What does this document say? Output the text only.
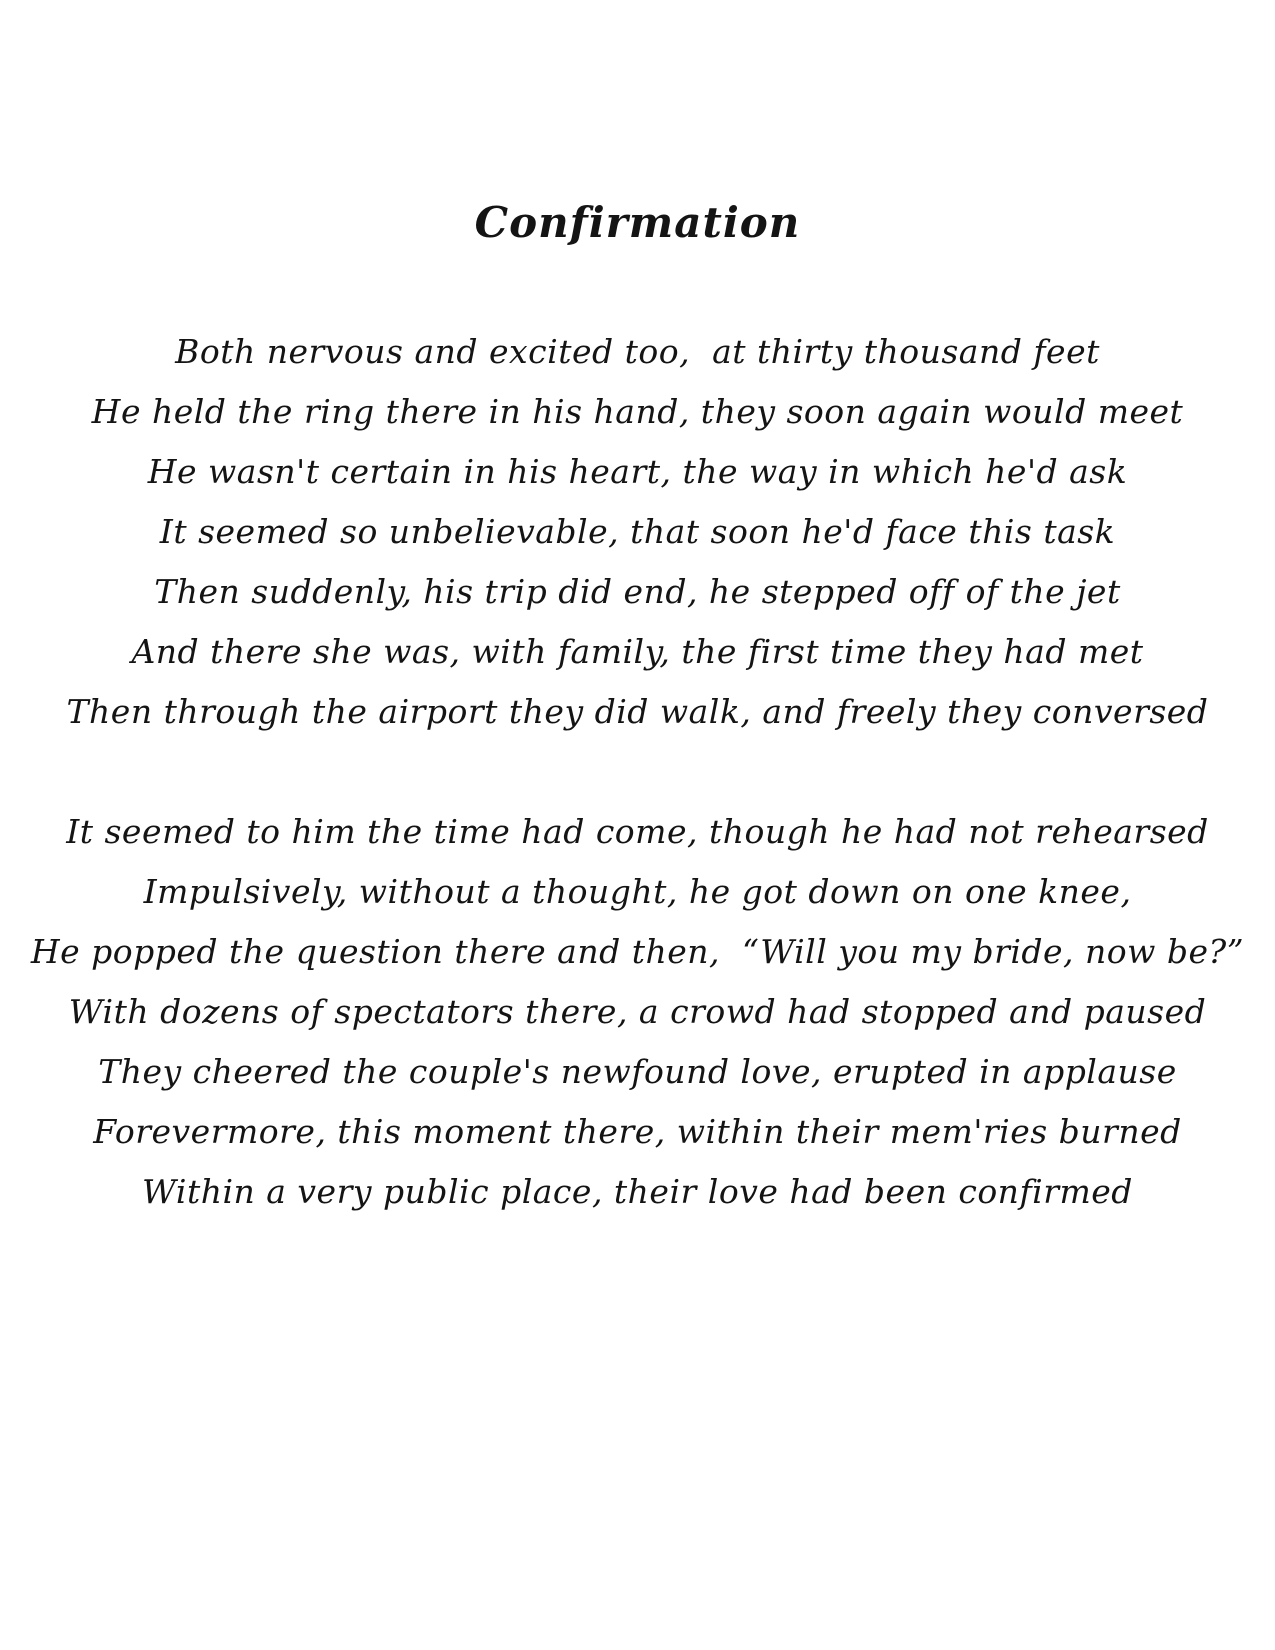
Confirmation
Both nervous and excited too,  at thirty thousand feet
He held the ring there in his hand, they soon again would meet
He wasn't certain in his heart, the way in which he'd ask
It seemed so unbelievable, that soon he'd face this task
Then suddenly, his trip did end, he stepped off of the jet
And there she was, with family, the first time they had met
Then through the airport they did walk, and freely they conversed
It seemed to him the time had come, though he had not rehearsed
Impulsively, without a thought, he got down on one knee,
He popped the question there and then,  “Will you my bride, now be?”
With dozens of spectators there, a crowd had stopped and paused
They cheered the couple's newfound love, erupted in applause
Forevermore, this moment there, within their mem'ries burned
Within a very public place, their love had been confirmed
